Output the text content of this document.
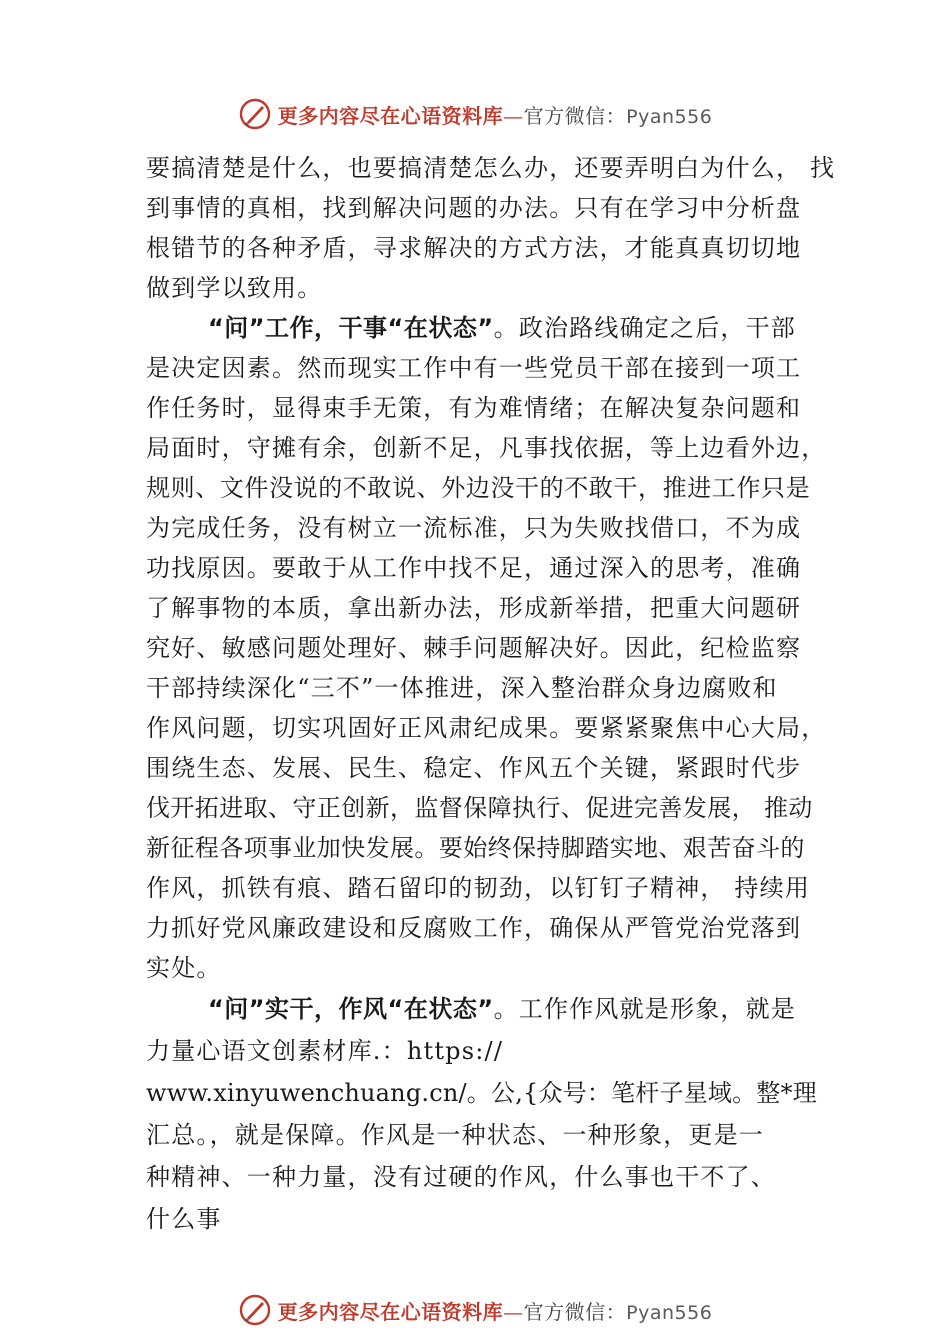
更多内容尽在心语资料库—官方微信：Pyan556
要搞清楚是什么，也要搞清楚怎么办，还要弄明白为什么， 找
到事情的真相，找到解决问题的办法。只有在学习中分析盘
根错节的各种矛盾，寻求解决的方式方法，才能真真切切地
做到学以致用。
“问”工作，干事“在状态”。政治路线确定之后，干部
是决定因素。然而现实工作中有一些党员干部在接到一项工
作任务时，显得束手无策，有为难情绪；在解决复杂问题和
局面时，守摊有余，创新不足，凡事找依据，等上边看外边，
规则、文件没说的不敢说、外边没干的不敢干，推进工作只是
为完成任务，没有树立一流标准，只为失败找借口，不为成
功找原因。要敢于从工作中找不足，通过深入的思考，准确
了解事物的本质，拿出新办法，形成新举措，把重大问题研
究好、敏感问题处理好、棘手问题解决好。因此，纪检监察
干部持续深化“三不”一体推进，深入整治群众身边腐败和
作风问题，切实巩固好正风肃纪成果。要紧紧聚焦中心大局，
围绕生态、发展、民生、稳定、作风五个关键，紧跟时代步
伐开拓进取、守正创新，监督保障执行、促进完善发展， 推动
新征程各项事业加快发展。要始终保持脚踏实地、艰苦奋斗的
作风，抓铁有痕、踏石留印的韧劲，以钉钉子精神， 持续用
力抓好党风廉政建设和反腐败工作，确保从严管党治党落到
实处。
“问”实干，作风“在状态”。工作作风就是形象，就是
力量心语文创素材库.：https://
www.xinyuwenchuang.cn/。公,{众号：笔杆子星域。整*理
汇总。，就是保障。作风是一种状态、一种形象，更是一
种精神、一种力量，没有过硬的作风，什么事也干不了、
什么事
更多内容尽在心语资料库—官方微信：Pyan556
